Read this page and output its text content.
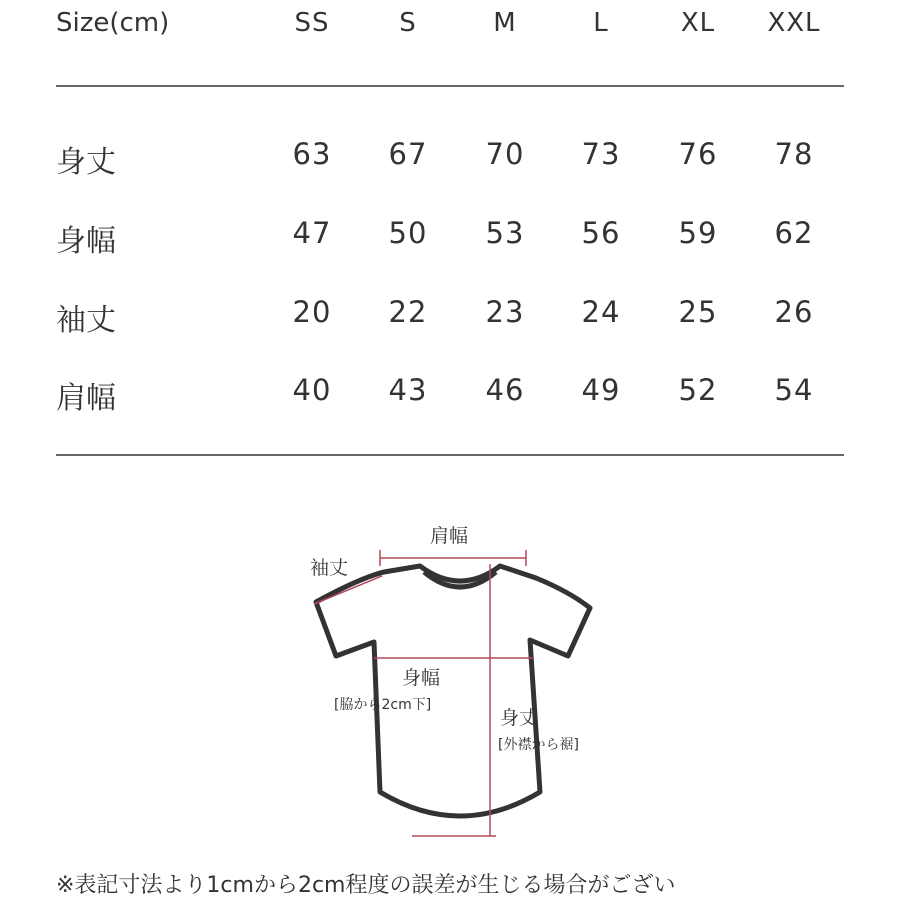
Size(cm)	SS	S	M	L	XL	XXL
身丈	63	67	70	73	76	78
身幅	47	50	53	56	59	62
袖丈	20	22	23	24	25	26
肩幅	40	43	46	49	52	54
肩幅
袖丈
身幅
[脇から2cm下]
身丈
[外襟から裾]
※表記寸法より1cmから2cm程度の誤差が生じる場合がござい
